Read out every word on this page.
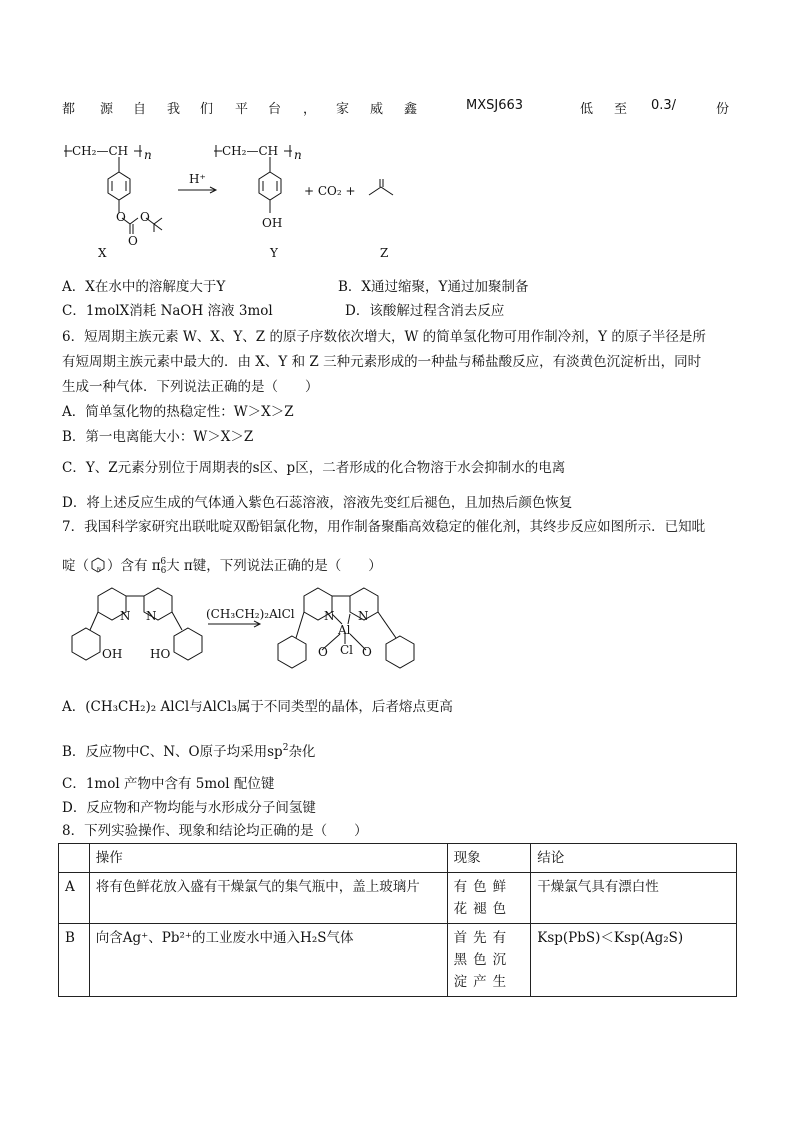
都 源 自 我 们 平 台 ， 家 威 鑫	MXSJ663	低 至 0.3/	份
CH₂—CH n
O O
O
H⁺
CH₂—CH n
OH
+ CO₂ +
X	Y	Z
A．X在水中的溶解度大于Y	B．X通过缩聚，Y通过加聚制备
C．1molX消耗 NaOH 溶液 3mol	D．该酸解过程含消去反应
6．短周期主族元素 W、X、Y、Z 的原子序数依次增大，W 的简单氢化物可用作制冷剂，Y 的原子半径是所
有短周期主族元素中最大的．由 X、Y 和 Z 三种元素形成的一种盐与稀盐酸反应，有淡黄色沉淀析出，同时
生成一种气体．下列说法正确的是（　　）
A．简单氢化物的热稳定性：W＞X＞Z
B．第一电离能大小：W＞X＞Z
C．Y、Z元素分别位于周期表的s区、p区，二者形成的化合物溶于水会抑制水的电离
D．将上述反应生成的气体通入紫色石蕊溶液，溶液先变红后褪色，且加热后颜色恢复
7．我国科学家研究出联吡啶双酚铝氯化物，用作制备聚酯高效稳定的催化剂，其终步反应如图所示．已知吡
啶（ N ）含有 $\pi_6^6$大 π键，下列说法正确的是（　　）
N N
OH HO
(CH₃CH₂)₂AlCl N N
Al
O Cl O
A．(CH₃CH₂)₂ AlCl与AlCl₃属于不同类型的晶体，后者熔点更高
B．反应物中C、N、O原子均采用$sp^2$杂化
C．1mol 产物中含有 5mol 配位键
D．反应物和产物均能与水形成分子间氢键
8．下列实验操作、现象和结论均正确的是（　　）
	操作	现象	结论
A	将有色鲜花放入盛有干燥氯气的集气瓶中，盖上玻璃片	有色鲜花褪色	干燥氯气具有漂白性
B	向含Ag⁺、Pb²⁺的工业废水中通入H₂S气体	首先有黑色沉淀产生	Ksp(PbS)＜Ksp(Ag₂S)
